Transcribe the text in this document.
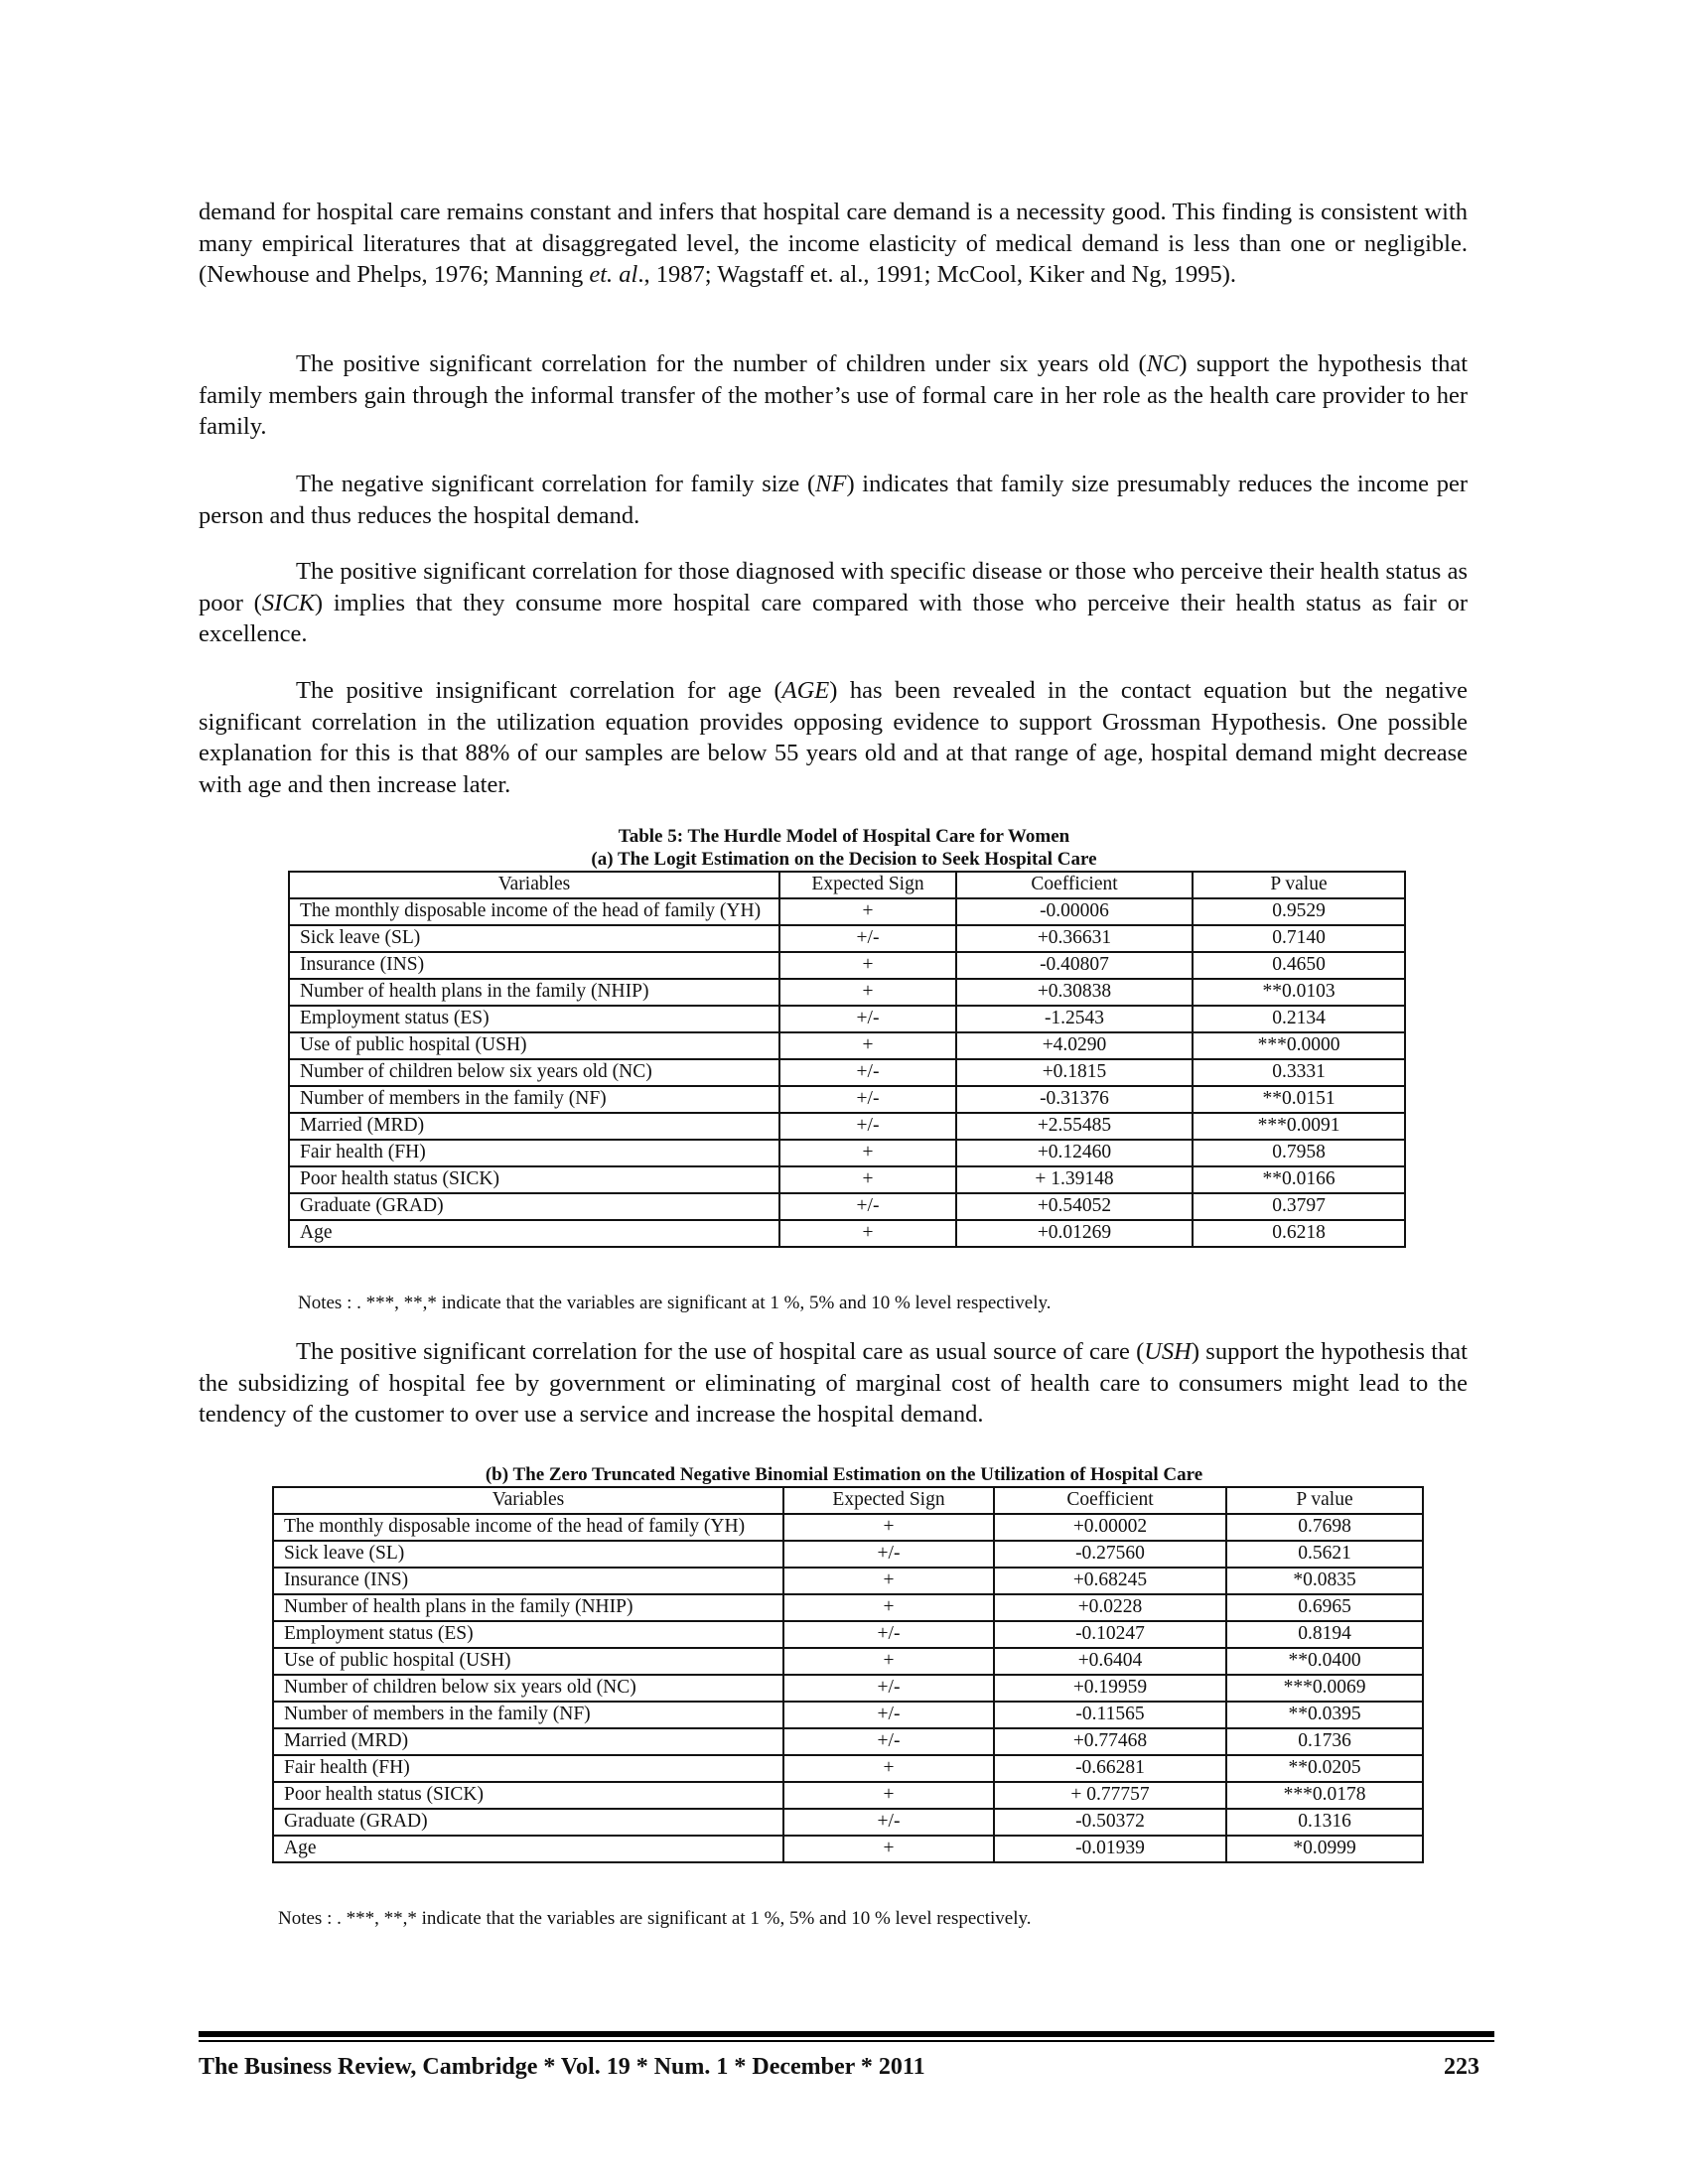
demand for hospital care remains constant and infers that hospital care demand is a necessity good. This finding is consistent with many empirical literatures that at disaggregated level, the income elasticity of medical demand is less than one or negligible. (Newhouse and Phelps, 1976; Manning et. al., 1987; Wagstaff et. al., 1991; McCool, Kiker and Ng, 1995).

The positive significant correlation for the number of children under six years old (NC) support the hypothesis that family members gain through the informal transfer of the mother’s use of formal care in her role as the health care provider to her family.

The negative significant correlation for family size (NF) indicates that family size presumably reduces the income per person and thus reduces the hospital demand.

The positive significant correlation for those diagnosed with specific disease or those who perceive their health status as poor (SICK) implies that they consume more hospital care compared with those who perceive their health status as fair or excellence.

The positive insignificant correlation for age (AGE) has been revealed in the contact equation but the negative significant correlation in the utilization equation provides opposing evidence to support Grossman Hypothesis. One possible explanation for this is that 88% of our samples are below 55 years old and at that range of age, hospital demand might decrease with age and then increase later.

Table 5: The Hurdle Model of Hospital Care for Women

(a) The Logit Estimation on the Decision to Seek Hospital Care

Variables	Expected Sign	Coefficient	P value
The monthly disposable income of the head of family (YH)	+	-0.00006	0.9529
Sick leave (SL)	+/-	+0.36631	0.7140
Insurance (INS)	+	-0.40807	0.4650
Number of health plans in the family (NHIP)	+	+0.30838	**0.0103
Employment status (ES)	+/-	-1.2543	0.2134
Use of public hospital (USH)	+	+4.0290	***0.0000
Number of children below six years old (NC)	+/-	+0.1815	0.3331
Number of members in the family (NF)	+/-	-0.31376	**0.0151
Married (MRD)	+/-	+2.55485	***0.0091
Fair health (FH)	+	+0.12460	0.7958
Poor health status (SICK)	+	+ 1.39148	**0.0166
Graduate (GRAD)	+/-	+0.54052	0.3797
Age	+	+0.01269	0.6218

Notes : . ***, **,* indicate that the variables are significant at 1 %, 5% and 10 % level respectively.

The positive significant correlation for the use of hospital care as usual source of care (USH) support the hypothesis that the subsidizing of hospital fee by government or eliminating of marginal cost of health care to consumers might lead to the tendency of the customer to over use a service and increase the hospital demand.

(b) The Zero Truncated Negative Binomial Estimation on the Utilization of Hospital Care

Variables	Expected Sign	Coefficient	P value
The monthly disposable income of the head of family (YH)	+	+0.00002	0.7698
Sick leave (SL)	+/-	-0.27560	0.5621
Insurance (INS)	+	+0.68245	*0.0835
Number of health plans in the family (NHIP)	+	+0.0228	0.6965
Employment status (ES)	+/-	-0.10247	0.8194
Use of public hospital (USH)	+	+0.6404	**0.0400
Number of children below six years old (NC)	+/-	+0.19959	***0.0069
Number of members in the family (NF)	+/-	-0.11565	**0.0395
Married (MRD)	+/-	+0.77468	0.1736
Fair health (FH)	+	-0.66281	**0.0205
Poor health status (SICK)	+	+ 0.77757	***0.0178
Graduate (GRAD)	+/-	-0.50372	0.1316
Age	+	-0.01939	*0.0999

Notes : . ***, **,* indicate that the variables are significant at 1 %, 5% and 10 % level respectively.

The Business Review, Cambridge * Vol. 19 * Num. 1 * December * 2011	223
